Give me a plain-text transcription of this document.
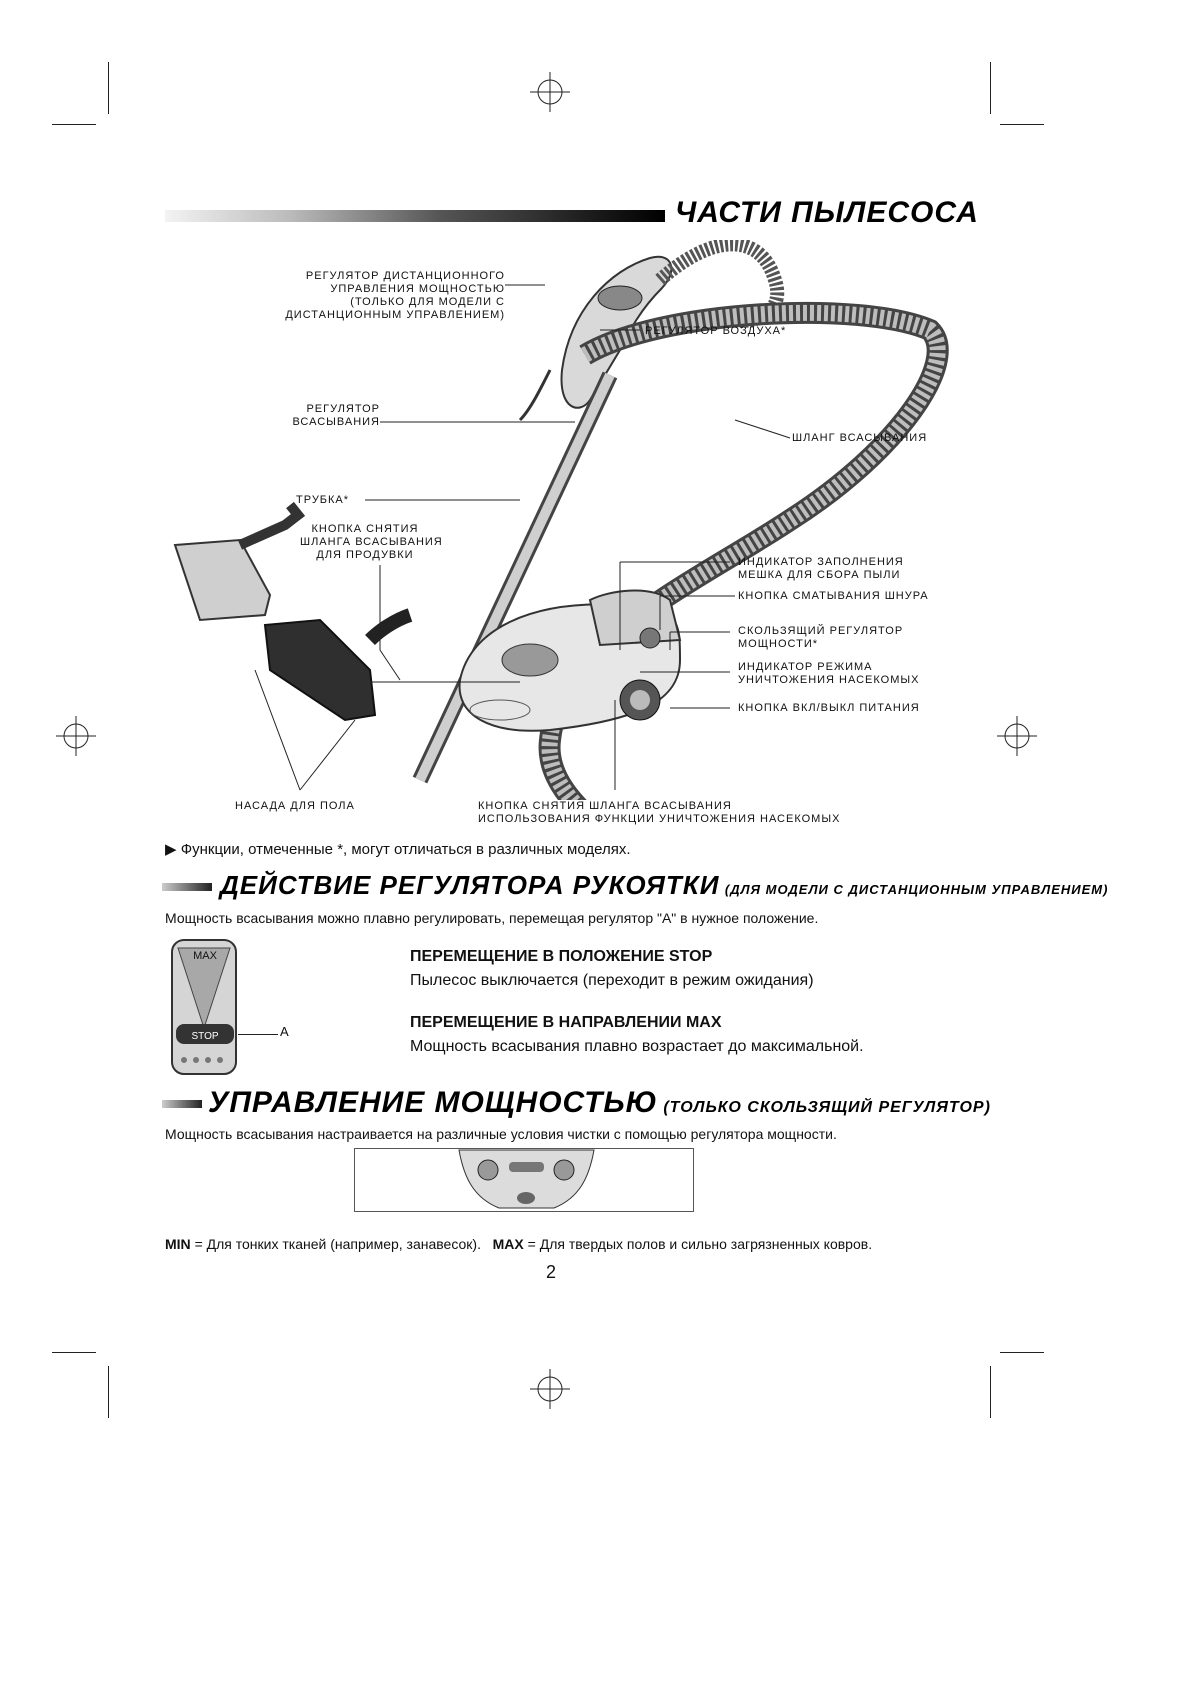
ЧАСТИ ПЫЛЕСОСА
РЕГУЛЯТОР ДИСТАНЦИОННОГО
УПРАВЛЕНИЯ МОЩНОСТЬЮ
(ТОЛЬКО ДЛЯ МОДЕЛИ С
ДИСТАНЦИОННЫМ УПРАВЛЕНИЕМ)
РЕГУЛЯТОР ВОЗДУХА*
РЕГУЛЯТОР
ВСАСЫВАНИЯ
ШЛАНГ ВСАСЫВАНИЯ
ТРУБКА*
КНОПКА СНЯТИЯ
ШЛАНГА ВСАСЫВАНИЯ
ДЛЯ ПРОДУВКИ
ИНДИКАТОР ЗАПОЛНЕНИЯ
МЕШКА ДЛЯ СБОРА ПЫЛИ
КНОПКА СМАТЫВАНИЯ ШНУРА
СКОЛЬЗЯЩИЙ РЕГУЛЯТОР
МОЩНОСТИ*
ИНДИКАТОР РЕЖИМА
УНИЧТОЖЕНИЯ НАСЕКОМЫХ
КНОПКА ВКЛ/ВЫКЛ ПИТАНИЯ
НАСАДА ДЛЯ ПОЛА	КНОПКА СНЯТИЯ ШЛАНГА ВСАСЫВАНИЯ
ИСПОЛЬЗОВАНИЯ ФУНКЦИИ УНИЧТОЖЕНИЯ НАСЕКОМЫХ
▶ Функции, отмеченные *, могут отличаться в различных моделях.
ДЕЙСТВИЕ РЕГУЛЯТОРА РУКОЯТКИ (ДЛЯ МОДЕЛИ С ДИСТАНЦИОННЫМ УПРАВЛЕНИЕМ)
Мощность всасывания можно плавно регулировать, перемещая регулятор "A" в нужное положение.
MAX
STOP	A
ПЕРЕМЕЩЕНИЕ В ПОЛОЖЕНИЕ STOP
Пылесос выключается (переходит в режим ожидания)
ПЕРЕМЕЩЕНИЕ В НАПРАВЛЕНИИ MAX
Мощность всасывания плавно возрастает до максимальной.
УПРАВЛЕНИЕ МОЩНОСТЬЮ (ТОЛЬКО СКОЛЬЗЯЩИЙ РЕГУЛЯТОР)
Мощность всасывания настраивается на различные условия чистки с помощью регулятора мощности.
MIN = Для тонких тканей (например, занавесок). MAX = Для твердых полов и сильно загрязненных ковров.
2
